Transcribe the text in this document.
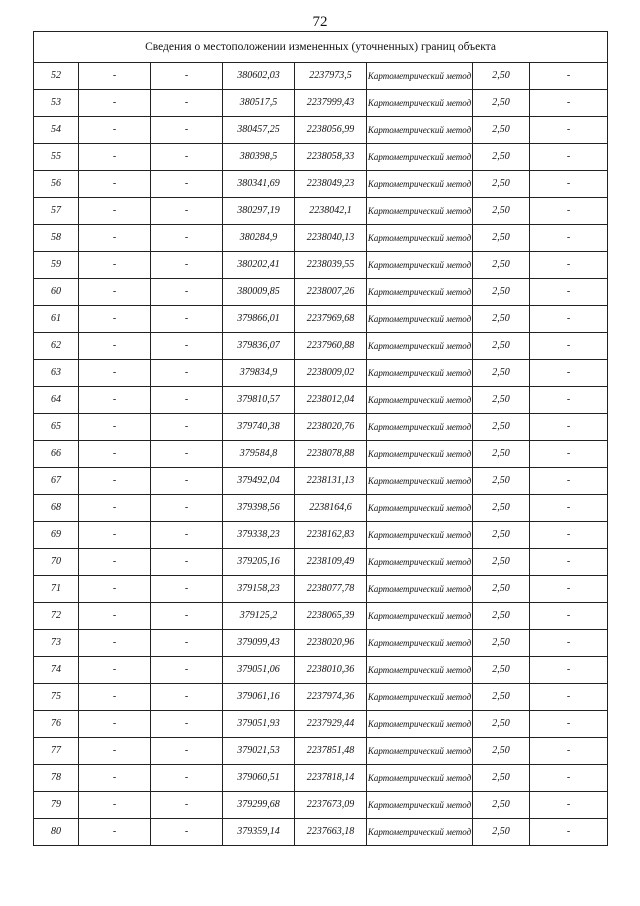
72
Сведения о местоположении измененных (уточненных) границ объекта							
52	-	-	380602,03	2237973,5	Картометрический метод	2,50	-
53	-	-	380517,5	2237999,43	Картометрический метод	2,50	-
54	-	-	380457,25	2238056,99	Картометрический метод	2,50	-
55	-	-	380398,5	2238058,33	Картометрический метод	2,50	-
56	-	-	380341,69	2238049,23	Картометрический метод	2,50	-
57	-	-	380297,19	2238042,1	Картометрический метод	2,50	-
58	-	-	380284,9	2238040,13	Картометрический метод	2,50	-
59	-	-	380202,41	2238039,55	Картометрический метод	2,50	-
60	-	-	380009,85	2238007,26	Картометрический метод	2,50	-
61	-	-	379866,01	2237969,68	Картометрический метод	2,50	-
62	-	-	379836,07	2237960,88	Картометрический метод	2,50	-
63	-	-	379834,9	2238009,02	Картометрический метод	2,50	-
64	-	-	379810,57	2238012,04	Картометрический метод	2,50	-
65	-	-	379740,38	2238020,76	Картометрический метод	2,50	-
66	-	-	379584,8	2238078,88	Картометрический метод	2,50	-
67	-	-	379492,04	2238131,13	Картометрический метод	2,50	-
68	-	-	379398,56	2238164,6	Картометрический метод	2,50	-
69	-	-	379338,23	2238162,83	Картометрический метод	2,50	-
70	-	-	379205,16	2238109,49	Картометрический метод	2,50	-
71	-	-	379158,23	2238077,78	Картометрический метод	2,50	-
72	-	-	379125,2	2238065,39	Картометрический метод	2,50	-
73	-	-	379099,43	2238020,96	Картометрический метод	2,50	-
74	-	-	379051,06	2238010,36	Картометрический метод	2,50	-
75	-	-	379061,16	2237974,36	Картометрический метод	2,50	-
76	-	-	379051,93	2237929,44	Картометрический метод	2,50	-
77	-	-	379021,53	2237851,48	Картометрический метод	2,50	-
78	-	-	379060,51	2237818,14	Картометрический метод	2,50	-
79	-	-	379299,68	2237673,09	Картометрический метод	2,50	-
80	-	-	379359,14	2237663,18	Картометрический метод	2,50	-
